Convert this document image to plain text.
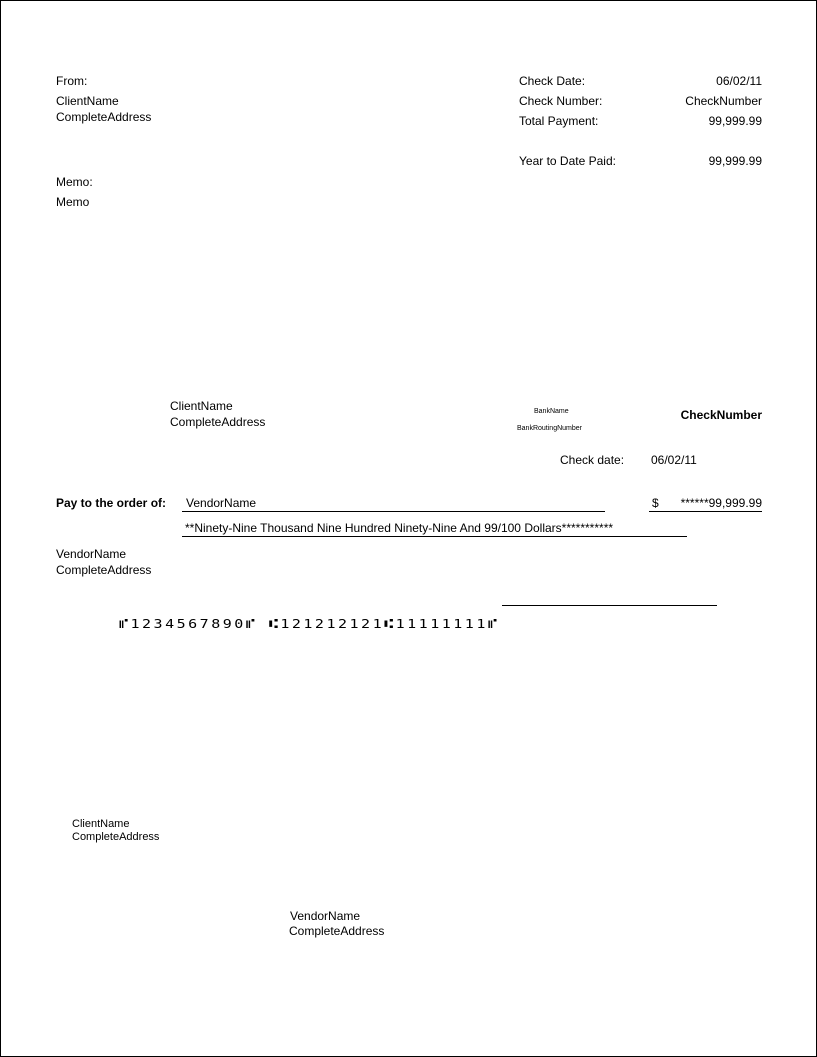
From:
ClientName
CompleteAddress
Memo:
Memo
Check Date:	06/02/11
Check Number:	CheckNumber
Total Payment:	99,999.99
Year to Date Paid:	99,999.99
ClientName
CompleteAddress
BankName
BankRoutingNumber
CheckNumber
Check date: 06/02/11
Pay to the order of: VendorName	$	******99,999.99
**Ninety-Nine Thousand Nine Hundred Ninety-Nine And 99/100 Dollars***********
VendorName
CompleteAddress
⑈1234567890⑈ ⑆121212121⑆11111111⑈
ClientName
CompleteAddress
VendorName
CompleteAddress
